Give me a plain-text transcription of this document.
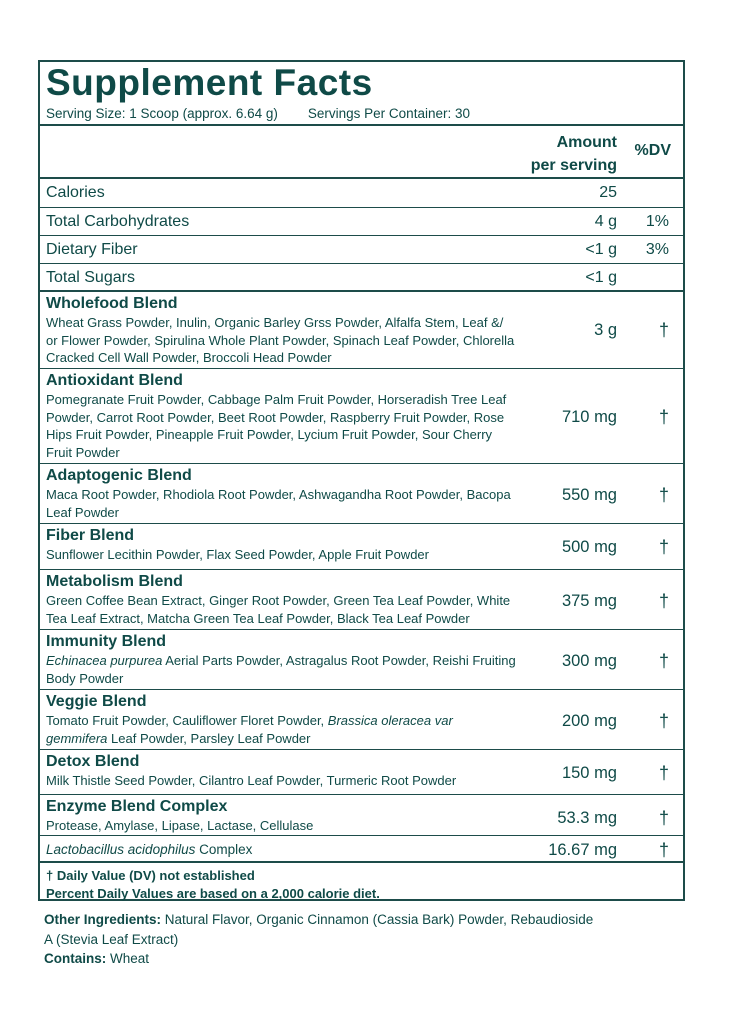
Supplement Facts
Serving Size: 1 Scoop (approx. 6.64 g) Servings Per Container: 30
Amount
per serving
%DV
Calories	25
Total Carbohydrates	4 g 1%
Dietary Fiber	<1 g 3%
Total Sugars	<1 g
Wholefood Blend
Wheat Grass Powder, Inulin, Organic Barley Grss Powder, Alfalfa Stem, Leaf &/ or Flower Powder, Spirulina Whole Plant Powder, Spinach Leaf Powder, Chlorella Cracked Cell Wall Powder, Broccoli Head Powder
3 g †
Antioxidant Blend
Pomegranate Fruit Powder, Cabbage Palm Fruit Powder, Horseradish Tree Leaf Powder, Carrot Root Powder, Beet Root Powder, Raspberry Fruit Powder, Rose Hips Fruit Powder, Pineapple Fruit Powder, Lycium Fruit Powder, Sour Cherry Fruit Powder
710 mg †
Adaptogenic Blend
Maca Root Powder, Rhodiola Root Powder, Ashwagandha Root Powder, Bacopa Leaf Powder
550 mg †
Fiber Blend
Sunflower Lecithin Powder, Flax Seed Powder, Apple Fruit Powder	500 mg †
Metabolism Blend
Green Coffee Bean Extract, Ginger Root Powder, Green Tea Leaf Powder, White Tea Leaf Extract, Matcha Green Tea Leaf Powder, Black Tea Leaf Powder
375 mg †
Immunity Blend
Echinacea purpurea Aerial Parts Powder, Astragalus Root Powder, Reishi Fruiting Body Powder
300 mg †
Veggie Blend
Tomato Fruit Powder, Cauliflower Floret Powder, Brassica oleracea var gemmifera Leaf Powder, Parsley Leaf Powder
200 mg †
Detox Blend
Milk Thistle Seed Powder, Cilantro Leaf Powder, Turmeric Root Powder	150 mg †
Enzyme Blend Complex
Protease, Amylase, Lipase, Lactase, Cellulase	53.3 mg †
Lactobacillus acidophilus Complex	16.67 mg †
† Daily Value (DV) not established
Percent Daily Values are based on a 2,000 calorie diet.
Other Ingredients: Natural Flavor, Organic Cinnamon (Cassia Bark) Powder, Rebaudioside A (Stevia Leaf Extract)
Contains: Wheat
